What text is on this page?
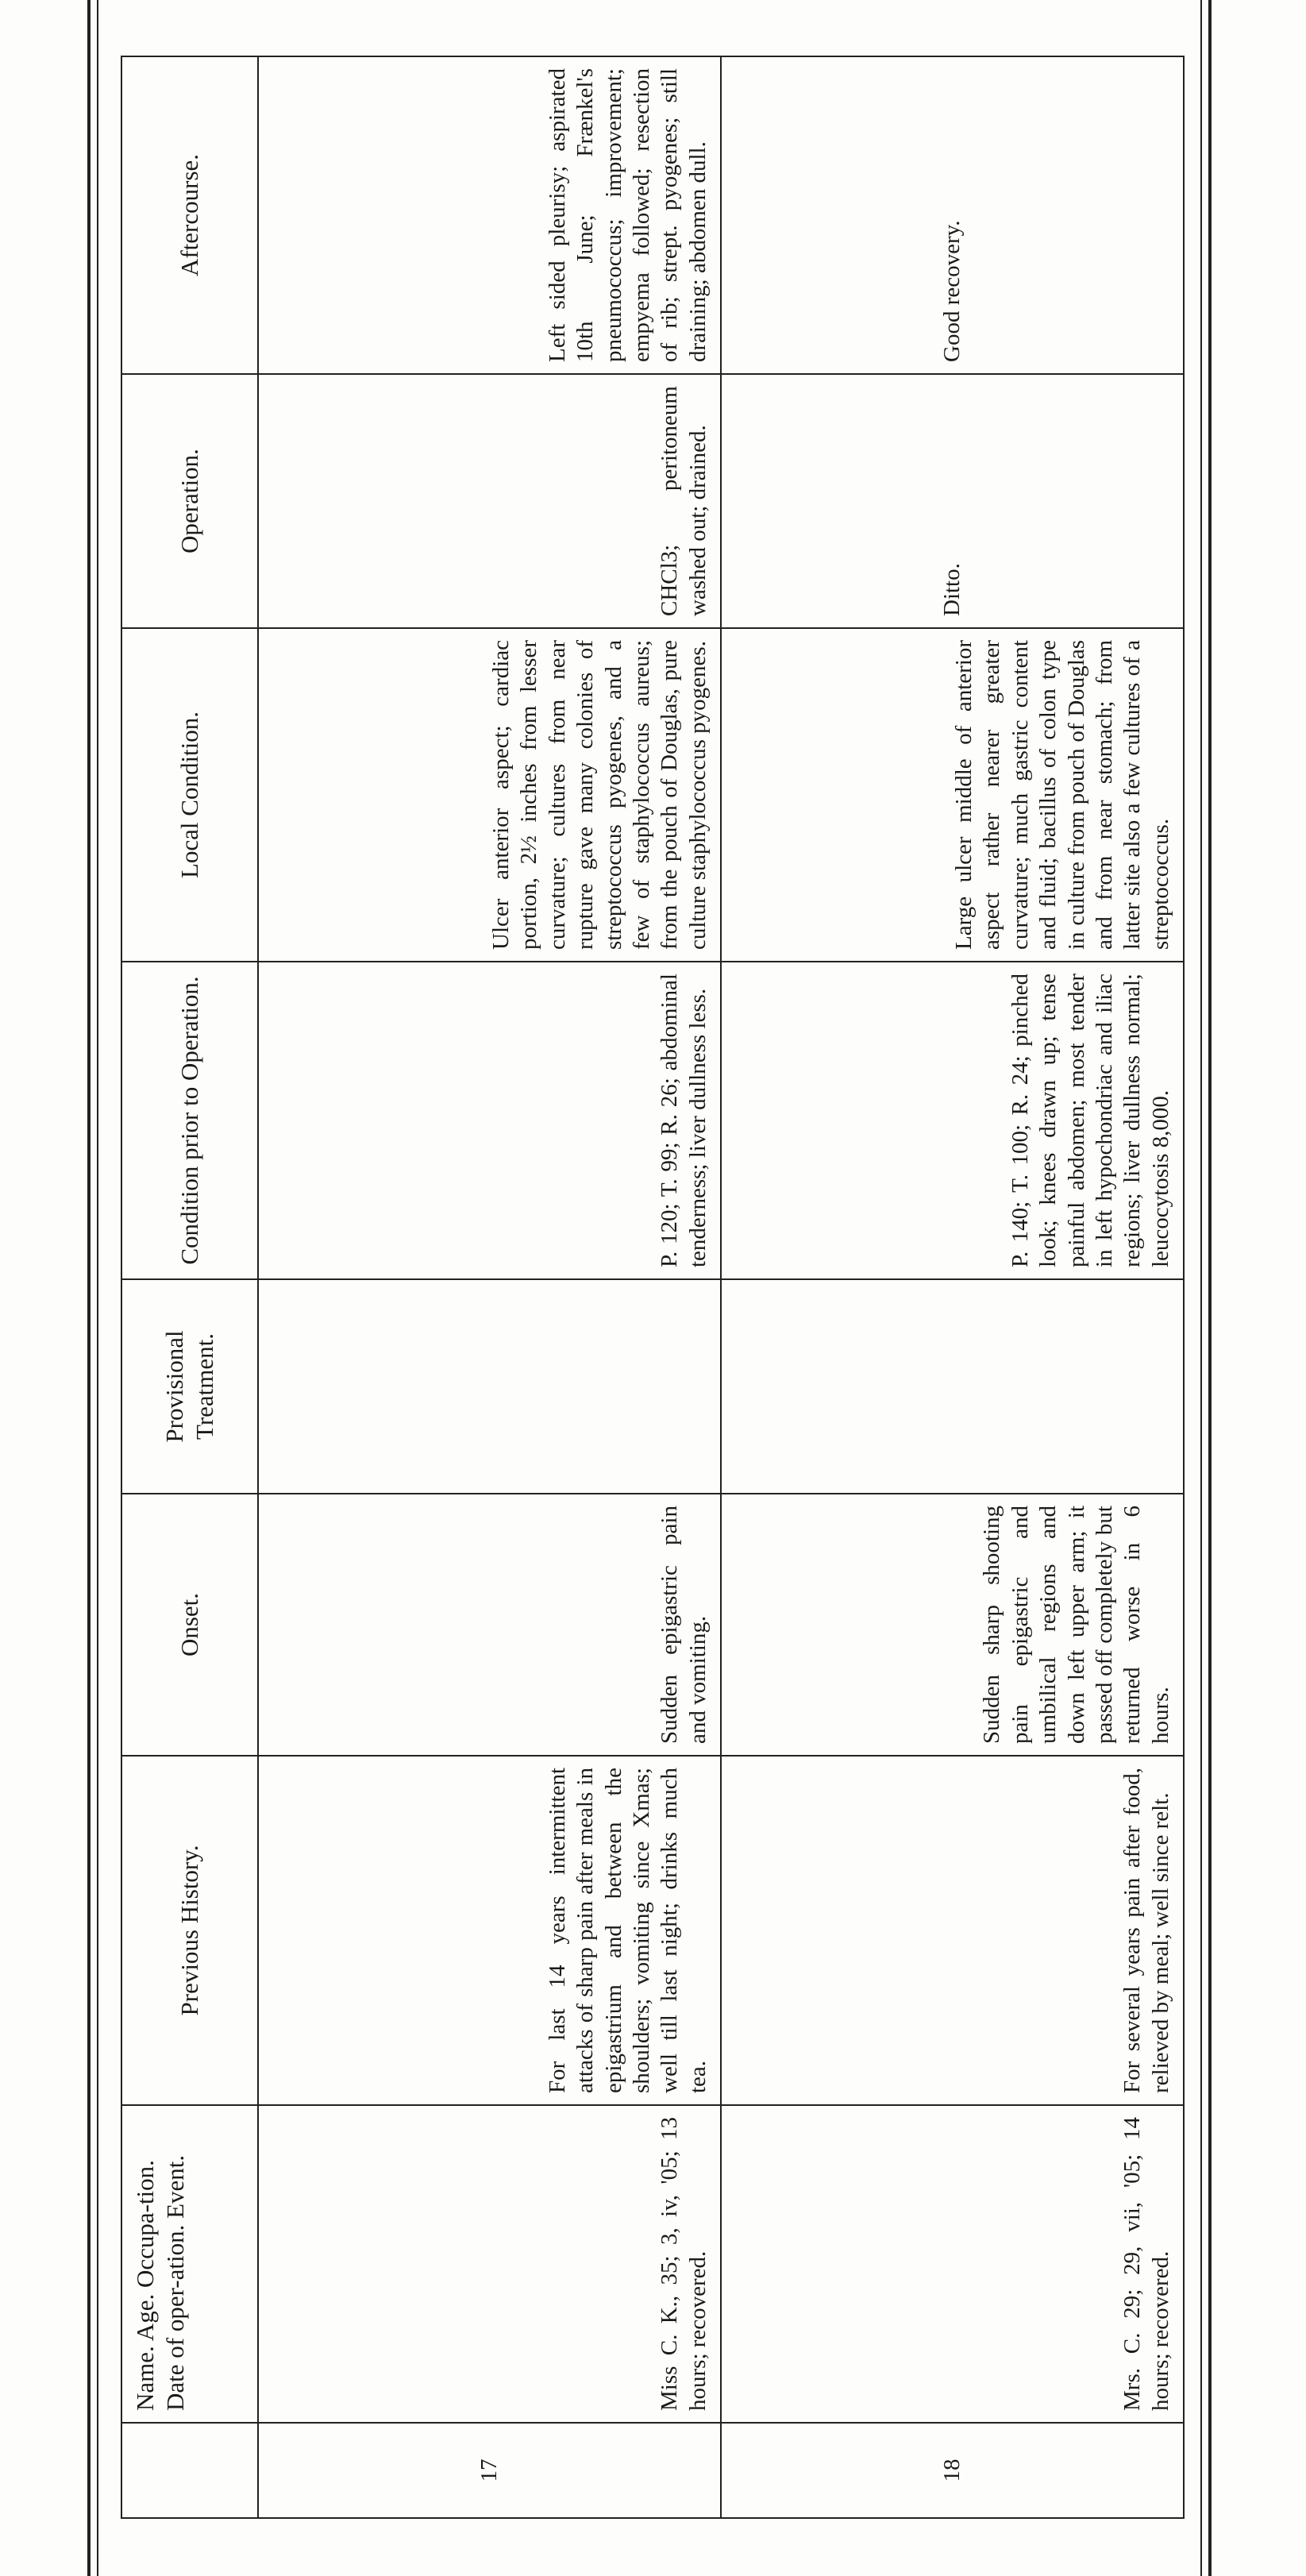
	Name. Age. Occupa-tion. Date of oper-ation. Event.	Previous History.	Onset.	Provisional Treatment.	Condition prior to Operation.	Local Condition.	Operation.	Aftercourse.
17	Miss C. K., 35; 3, iv, '05; 13 hours; recovered.	For last 14 years intermittent attacks of sharp pain after meals in epigastrium and between the shoulders; vomiting since Xmas; well till last night; drinks much tea.	Sudden epigastric pain and vomiting.		P. 120; T. 99; R. 26; abdominal tenderness; liver dullness less.	Ulcer anterior aspect; cardiac portion, 2½ inches from lesser curvature; cultures from near rupture gave many colonies of streptococcus pyogenes, and a few of staphylococcus aureus; from the pouch of Douglas, pure culture staphylococcus pyogenes.	CHCl3; peritoneum washed out; drained.	Left sided pleurisy; aspirated 10th June; Frænkel's pneumococcus; improvement; empyema followed; resection of rib; strept. pyogenes; still draining; abdomen dull.
18	Mrs. C. 29; 29, vii, '05; 14 hours; recovered.	For several years pain after food, relieved by meal; well since relt.	Sudden sharp shooting pain epigastric and umbilical regions and down left upper arm; it passed off completely but returned worse in 6 hours.		P. 140; T. 100; R. 24; pinched look; knees drawn up; tense painful abdomen; most tender in left hypochondriac and iliac regions; liver dullness normal; leucocytosis 8,000.	Large ulcer middle of anterior aspect rather nearer greater curvature; much gastric content and fluid; bacillus of colon type in culture from pouch of Douglas and from near stomach; from latter site also a few cultures of a streptococcus.	Ditto.	Good recovery.
